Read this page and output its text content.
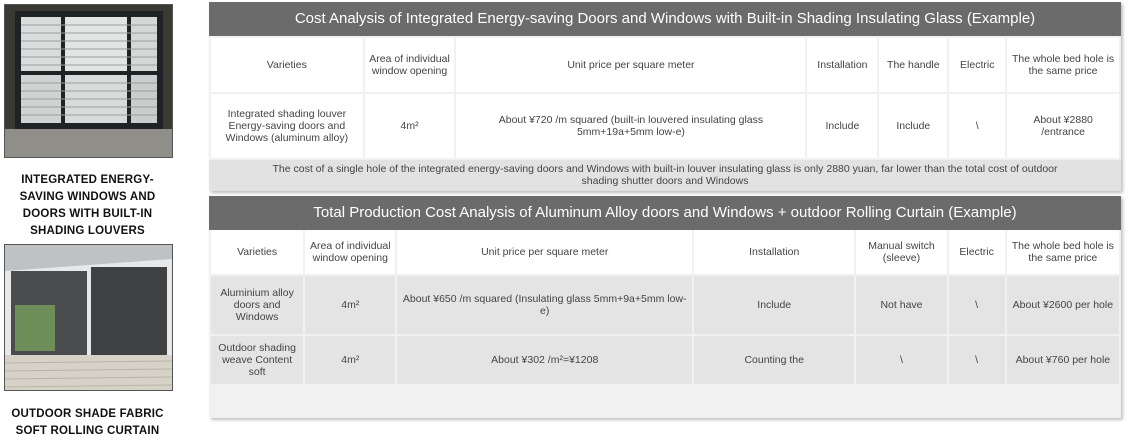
INTEGRATED ENERGY-SAVING WINDOWS AND DOORS WITH BUILT-IN SHADING LOUVERS
OUTDOOR SHADE FABRIC SOFT ROLLING CURTAIN
Cost Analysis of Integrated Energy-saving Doors and Windows with Built-in Shading Insulating Glass (Example)
Varieties	Area of individual window opening	Unit price per square meter	Installation	The handle	Electric	The whole bed hole is the same price
Integrated shading louver Energy-saving doors and Windows (aluminum alloy)	4m²	About ¥720 /m squared (built-in louvered insulating glass 5mm+19a+5mm low-e)	Include	Include	\	About ¥2880 /entrance
The cost of a single hole of the integrated energy-saving doors and Windows with built-in louver insulating glass is only 2880 yuan, far lower than the total cost of outdoor shading shutter doors and Windows
Total Production Cost Analysis of Aluminum Alloy doors and Windows + outdoor Rolling Curtain (Example)
Varieties	Area of individual window opening	Unit price per square meter	Installation	Manual switch (sleeve)	Electric	The whole bed hole is the same price
Aluminium alloy doors and Windows	4m²	About ¥650 /m squared (Insulating glass 5mm+9a+5mm low-e)	Include	Not have	\	About ¥2600 per hole
Outdoor shading weave Content soft	4m²	About ¥302 /m²=¥1208	Counting the	\	\	About ¥760 per hole
